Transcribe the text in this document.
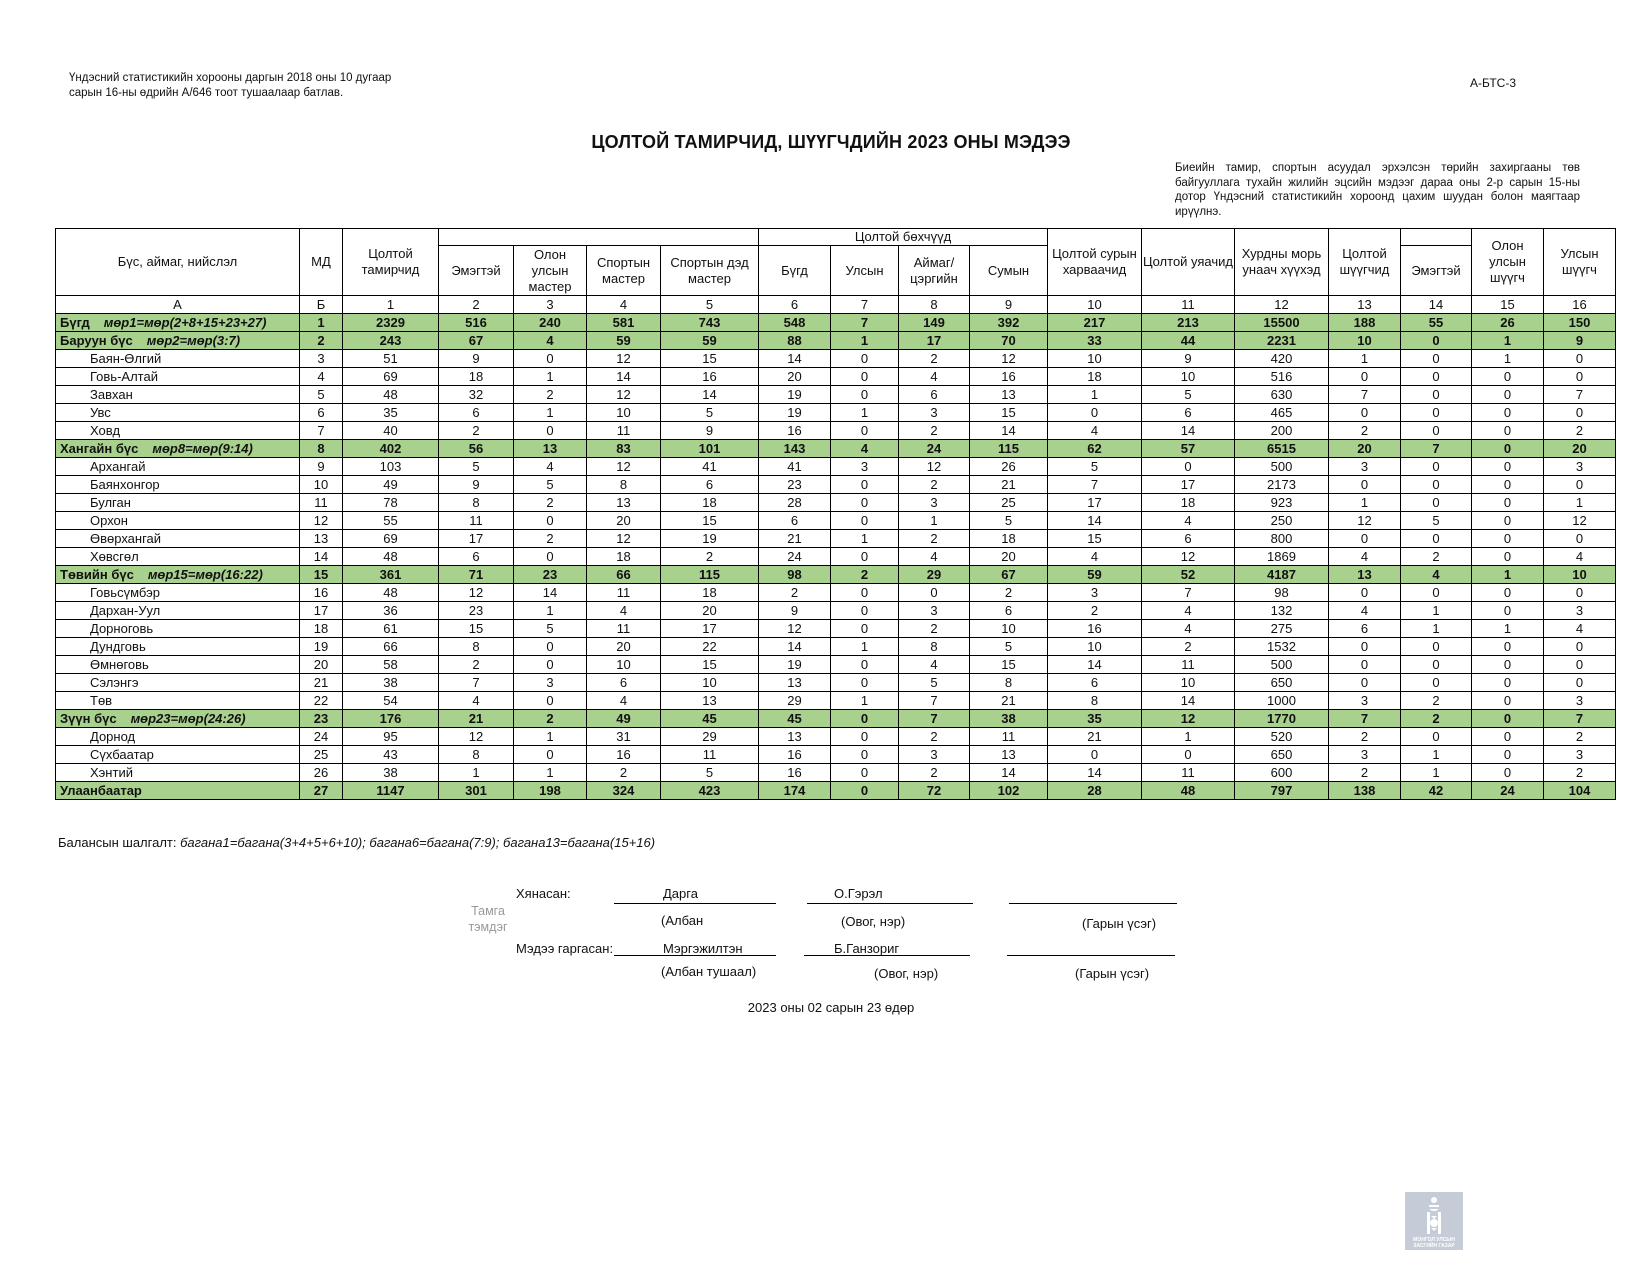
Үндэсний статистикийн хорооны даргын 2018 оны 10 дугаар
сарын 16-ны өдрийн А/646 тоот тушаалаар батлав.
А-БТС-3
ЦОЛТОЙ ТАМИРЧИД, ШҮҮГЧДИЙН 2023 ОНЫ МЭДЭЭ
Биеийн тамир, спортын асуудал эрхэлсэн төрийн захиргааны төв байгууллага тухайн жилийн эцсийн мэдээг дараа оны 2-р сарын 15-ны дотор Үндэсний статистикийн хороонд цахим шуудан болон маягтаар ирүүлнэ.
Бүс, аймаг, нийслэл	МД	Цолтой тамирчид					Цолтой бөхчүүд				Цолтой сурын харваачид	Цолтой уяачид	Хурдны морь унаач хүүхэд	Цолтой шүүгчид		Олон улсын шүүгч	Улсын шүүгч
			Эмэгтэй	Олон улсын мастер	Спортын мастер	Спортын дэд мастер	Бүгд	Улсын	Аймаг/ цэргийн	Сумын					Эмэгтэй		
А	Б	1	2	3	4	5	6	7	8	9	10	11	12	13	14	15	16
Бүгд мөр1=мөр(2+8+15+23+27)	1	2329	516	240	581	743	548	7	149	392	217	213	15500	188	55	26	150
Баруун бүс мөр2=мөр(3:7)	2	243	67	4	59	59	88	1	17	70	33	44	2231	10	0	1	9
Баян-Өлгий	3	51	9	0	12	15	14	0	2	12	10	9	420	1	0	1	0
Говь-Алтай	4	69	18	1	14	16	20	0	4	16	18	10	516	0	0	0	0
Завхан	5	48	32	2	12	14	19	0	6	13	1	5	630	7	0	0	7
Увс	6	35	6	1	10	5	19	1	3	15	0	6	465	0	0	0	0
Ховд	7	40	2	0	11	9	16	0	2	14	4	14	200	2	0	0	2
Хангайн бүс мөр8=мөр(9:14)	8	402	56	13	83	101	143	4	24	115	62	57	6515	20	7	0	20
Архангай	9	103	5	4	12	41	41	3	12	26	5	0	500	3	0	0	3
Баянхонгор	10	49	9	5	8	6	23	0	2	21	7	17	2173	0	0	0	0
Булган	11	78	8	2	13	18	28	0	3	25	17	18	923	1	0	0	1
Орхон	12	55	11	0	20	15	6	0	1	5	14	4	250	12	5	0	12
Өвөрхангай	13	69	17	2	12	19	21	1	2	18	15	6	800	0	0	0	0
Хөвсгөл	14	48	6	0	18	2	24	0	4	20	4	12	1869	4	2	0	4
Төвийн бүс мөр15=мөр(16:22)	15	361	71	23	66	115	98	2	29	67	59	52	4187	13	4	1	10
Говьсүмбэр	16	48	12	14	11	18	2	0	0	2	3	7	98	0	0	0	0
Дархан-Уул	17	36	23	1	4	20	9	0	3	6	2	4	132	4	1	0	3
Дорноговь	18	61	15	5	11	17	12	0	2	10	16	4	275	6	1	1	4
Дундговь	19	66	8	0	20	22	14	1	8	5	10	2	1532	0	0	0	0
Өмнөговь	20	58	2	0	10	15	19	0	4	15	14	11	500	0	0	0	0
Сэлэнгэ	21	38	7	3	6	10	13	0	5	8	6	10	650	0	0	0	0
Төв	22	54	4	0	4	13	29	1	7	21	8	14	1000	3	2	0	3
Зүүн бүс мөр23=мөр(24:26)	23	176	21	2	49	45	45	0	7	38	35	12	1770	7	2	0	7
Дорнод	24	95	12	1	31	29	13	0	2	11	21	1	520	2	0	0	2
Сүхбаатар	25	43	8	0	16	11	16	0	3	13	0	0	650	3	1	0	3
Хэнтий	26	38	1	1	2	5	16	0	2	14	14	11	600	2	1	0	2
Улаанбаатар	27	1147	301	198	324	423	174	0	72	102	28	48	797	138	42	24	104
Балансын шалгалт: багана1=багана(3+4+5+6+10); багана6=багана(7:9); багана13=багана(15+16)
Тамга
тэмдэг
Хянасан:	Дарга	О.Гэрэл
(Албан	(Овог, нэр)	(Гарын үсэг)
Мэдээ гаргасан:	Мэргэжилтэн	Б.Ганзориг
(Албан тушаал)	(Овог, нэр)	(Гарын үсэг)
2023 оны 02 сарын 23 өдөр
МОНГОЛ УЛСЫН
ЗАСГИЙН ГАЗАР
